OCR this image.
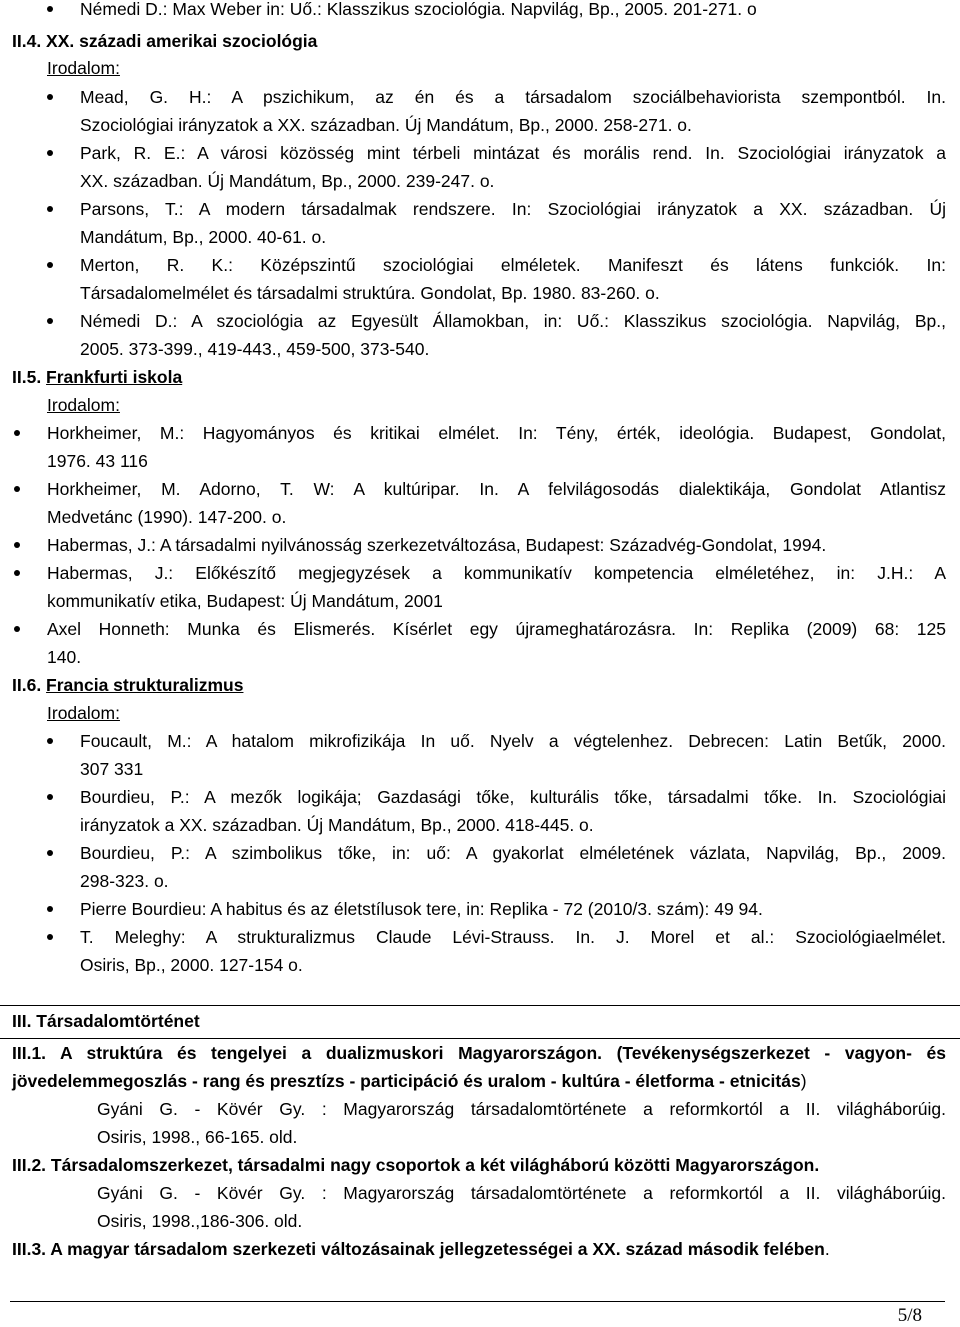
Némedi D.: Max Weber in: Uő.: Klasszikus szociológia. Napvilág, Bp., 2005. 201-271. o
II.4. XX. századi amerikai szociológia
Irodalom:
Mead, G. H.: A pszichikum, az én és a társadalom szociálbehaviorista szempontból. In.
Szociológiai irányzatok a XX. században. Új Mandátum, Bp., 2000. 258-271. o.
Park, R. E.: A városi közösség mint térbeli mintázat és morális rend. In. Szociológiai irányzatok a
XX. században. Új Mandátum, Bp., 2000. 239-247. o.
Parsons, T.: A modern társadalmak rendszere. In: Szociológiai irányzatok a XX. században. Új
Mandátum, Bp., 2000. 40-61. o.
Merton, R. K.: Középszintű szociológiai elméletek. Manifeszt és látens funkciók. In:
Társadalomelmélet és társadalmi struktúra. Gondolat, Bp. 1980. 83-260. o.
Némedi D.: A szociológia az Egyesült Államokban, in: Uő.: Klasszikus szociológia. Napvilág, Bp.,
2005. 373-399., 419-443., 459-500, 373-540.
II.5. Frankfurti iskola
Irodalom:
Horkheimer, M.: Hagyományos és kritikai elmélet. In: Tény, érték, ideológia. Budapest, Gondolat,
1976. 43 116
Horkheimer, M. Adorno, T. W: A kultúripar. In. A felvilágosodás dialektikája, Gondolat Atlantisz
Medvetánc (1990). 147-200. o.
Habermas, J.: A társadalmi nyilvánosság szerkezetváltozása, Budapest: Századvég-Gondolat, 1994.
Habermas, J.: Előkészítő megjegyzések a kommunikatív kompetencia elméletéhez, in: J.H.: A
kommunikatív etika, Budapest: Új Mandátum, 2001
Axel Honneth: Munka és Elismerés. Kísérlet egy újrameghatározásra. In: Replika (2009) 68: 125
140.
II.6. Francia strukturalizmus
Irodalom:
Foucault, M.: A hatalom mikrofizikája In uő. Nyelv a végtelenhez. Debrecen: Latin Betűk, 2000.
307 331
Bourdieu, P.: A mezők logikája; Gazdasági tőke, kulturális tőke, társadalmi tőke. In. Szociológiai
irányzatok a XX. században. Új Mandátum, Bp., 2000. 418-445. o.
Bourdieu, P.: A szimbolikus tőke, in: uő: A gyakorlat elméletének vázlata, Napvilág, Bp., 2009.
298-323. o.
Pierre Bourdieu: A habitus és az életstílusok tere, in: Replika - 72 (2010/3. szám): 49 94.
T. Meleghy: A strukturalizmus Claude Lévi-Strauss. In. J. Morel et al.: Szociológiaelmélet.
Osiris, Bp., 2000. 127-154 o.
III. Társadalomtörténet
III.1. A struktúra és tengelyei a dualizmuskori Magyarországon. (Tevékenységszerkezet - vagyon- és
jövedelemmegoszlás - rang és presztízs - participáció és uralom - kultúra - életforma - etnicitás)
Gyáni G. - Kövér Gy. : Magyarország társadalomtörténete a reformkortól a II. világháborúig.
Osiris, 1998., 66-165. old.
III.2. Társadalomszerkezet, társadalmi nagy csoportok a két világháború közötti Magyarországon.
Gyáni G. - Kövér Gy. : Magyarország társadalomtörténete a reformkortól a II. világháborúig.
Osiris, 1998.,186-306. old.
III.3. A magyar társadalom szerkezeti változásainak jellegzetességei a XX. század második felében.
5/8
